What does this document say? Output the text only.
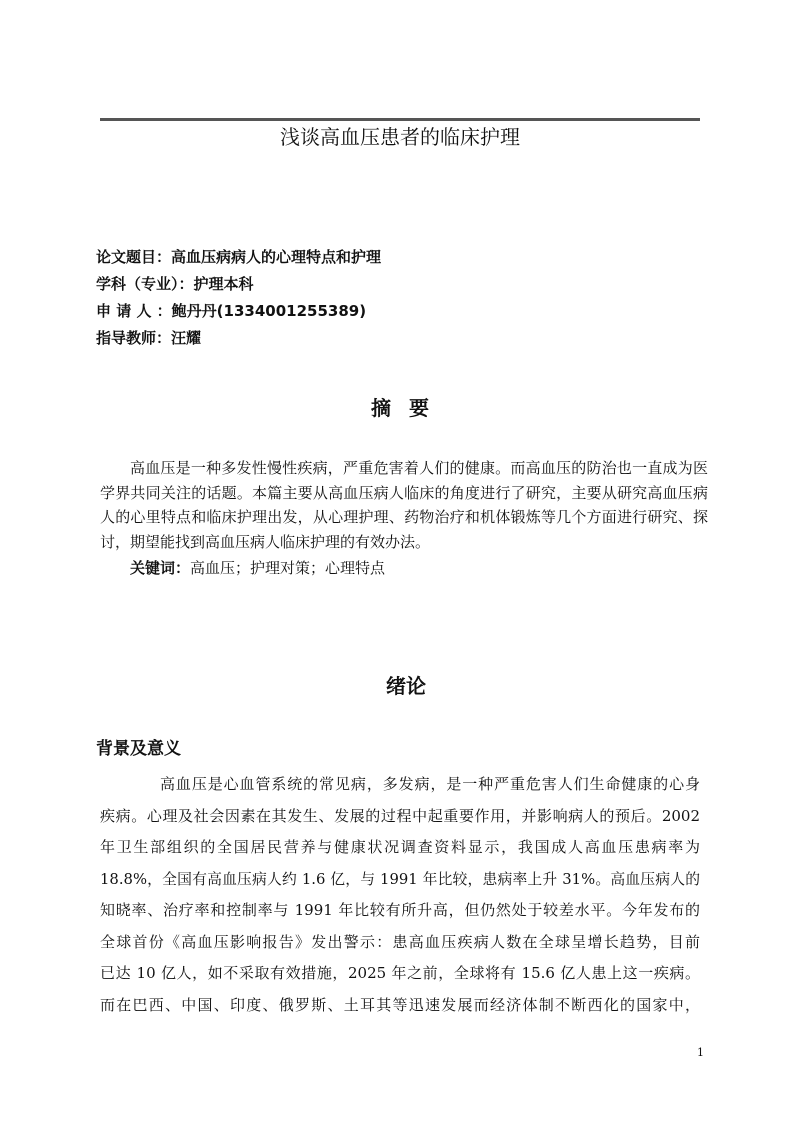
浅谈高血压患者的临床护理
论文题目：高血压病病人的心理特点和护理
学科（专业）：护理本科
申 请 人 ：鲍丹丹(1334001255389)
指导教师：汪耀
摘要
高血压是一种多发性慢性疾病，严重危害着人们的健康。而高血压的防治也一直成为医学界共同关注的话题。本篇主要从高血压病人临床的角度进行了研究，主要从研究高血压病人的心里特点和临床护理出发，从心理护理、药物治疗和机体锻炼等几个方面进行研究、探讨，期望能找到高血压病人临床护理的有效办法。
关键词：高血压；护理对策；心理特点
绪论
背景及意义
高血压是心血管系统的常见病，多发病，是一种严重危害人们生命健康的心身
疾病。心理及社会因素在其发生、发展的过程中起重要作用，并影响病人的预后。2002
年卫生部组织的全国居民营养与健康状况调查资料显示，我国成人高血压患病率为
18.8%，全国有高血压病人约 1.6 亿，与 1991 年比较，患病率上升 31%。高血压病人的
知晓率、治疗率和控制率与 1991 年比较有所升高，但仍然处于较差水平。今年发布的
全球首份《高血压影响报告》发出警示：患高血压疾病人数在全球呈增长趋势，目前
已达 10 亿人，如不采取有效措施，2025 年之前，全球将有 15.6 亿人患上这一疾病。
而在巴西、中国、印度、俄罗斯、土耳其等迅速发展而经济体制不断西化的国家中，
1
